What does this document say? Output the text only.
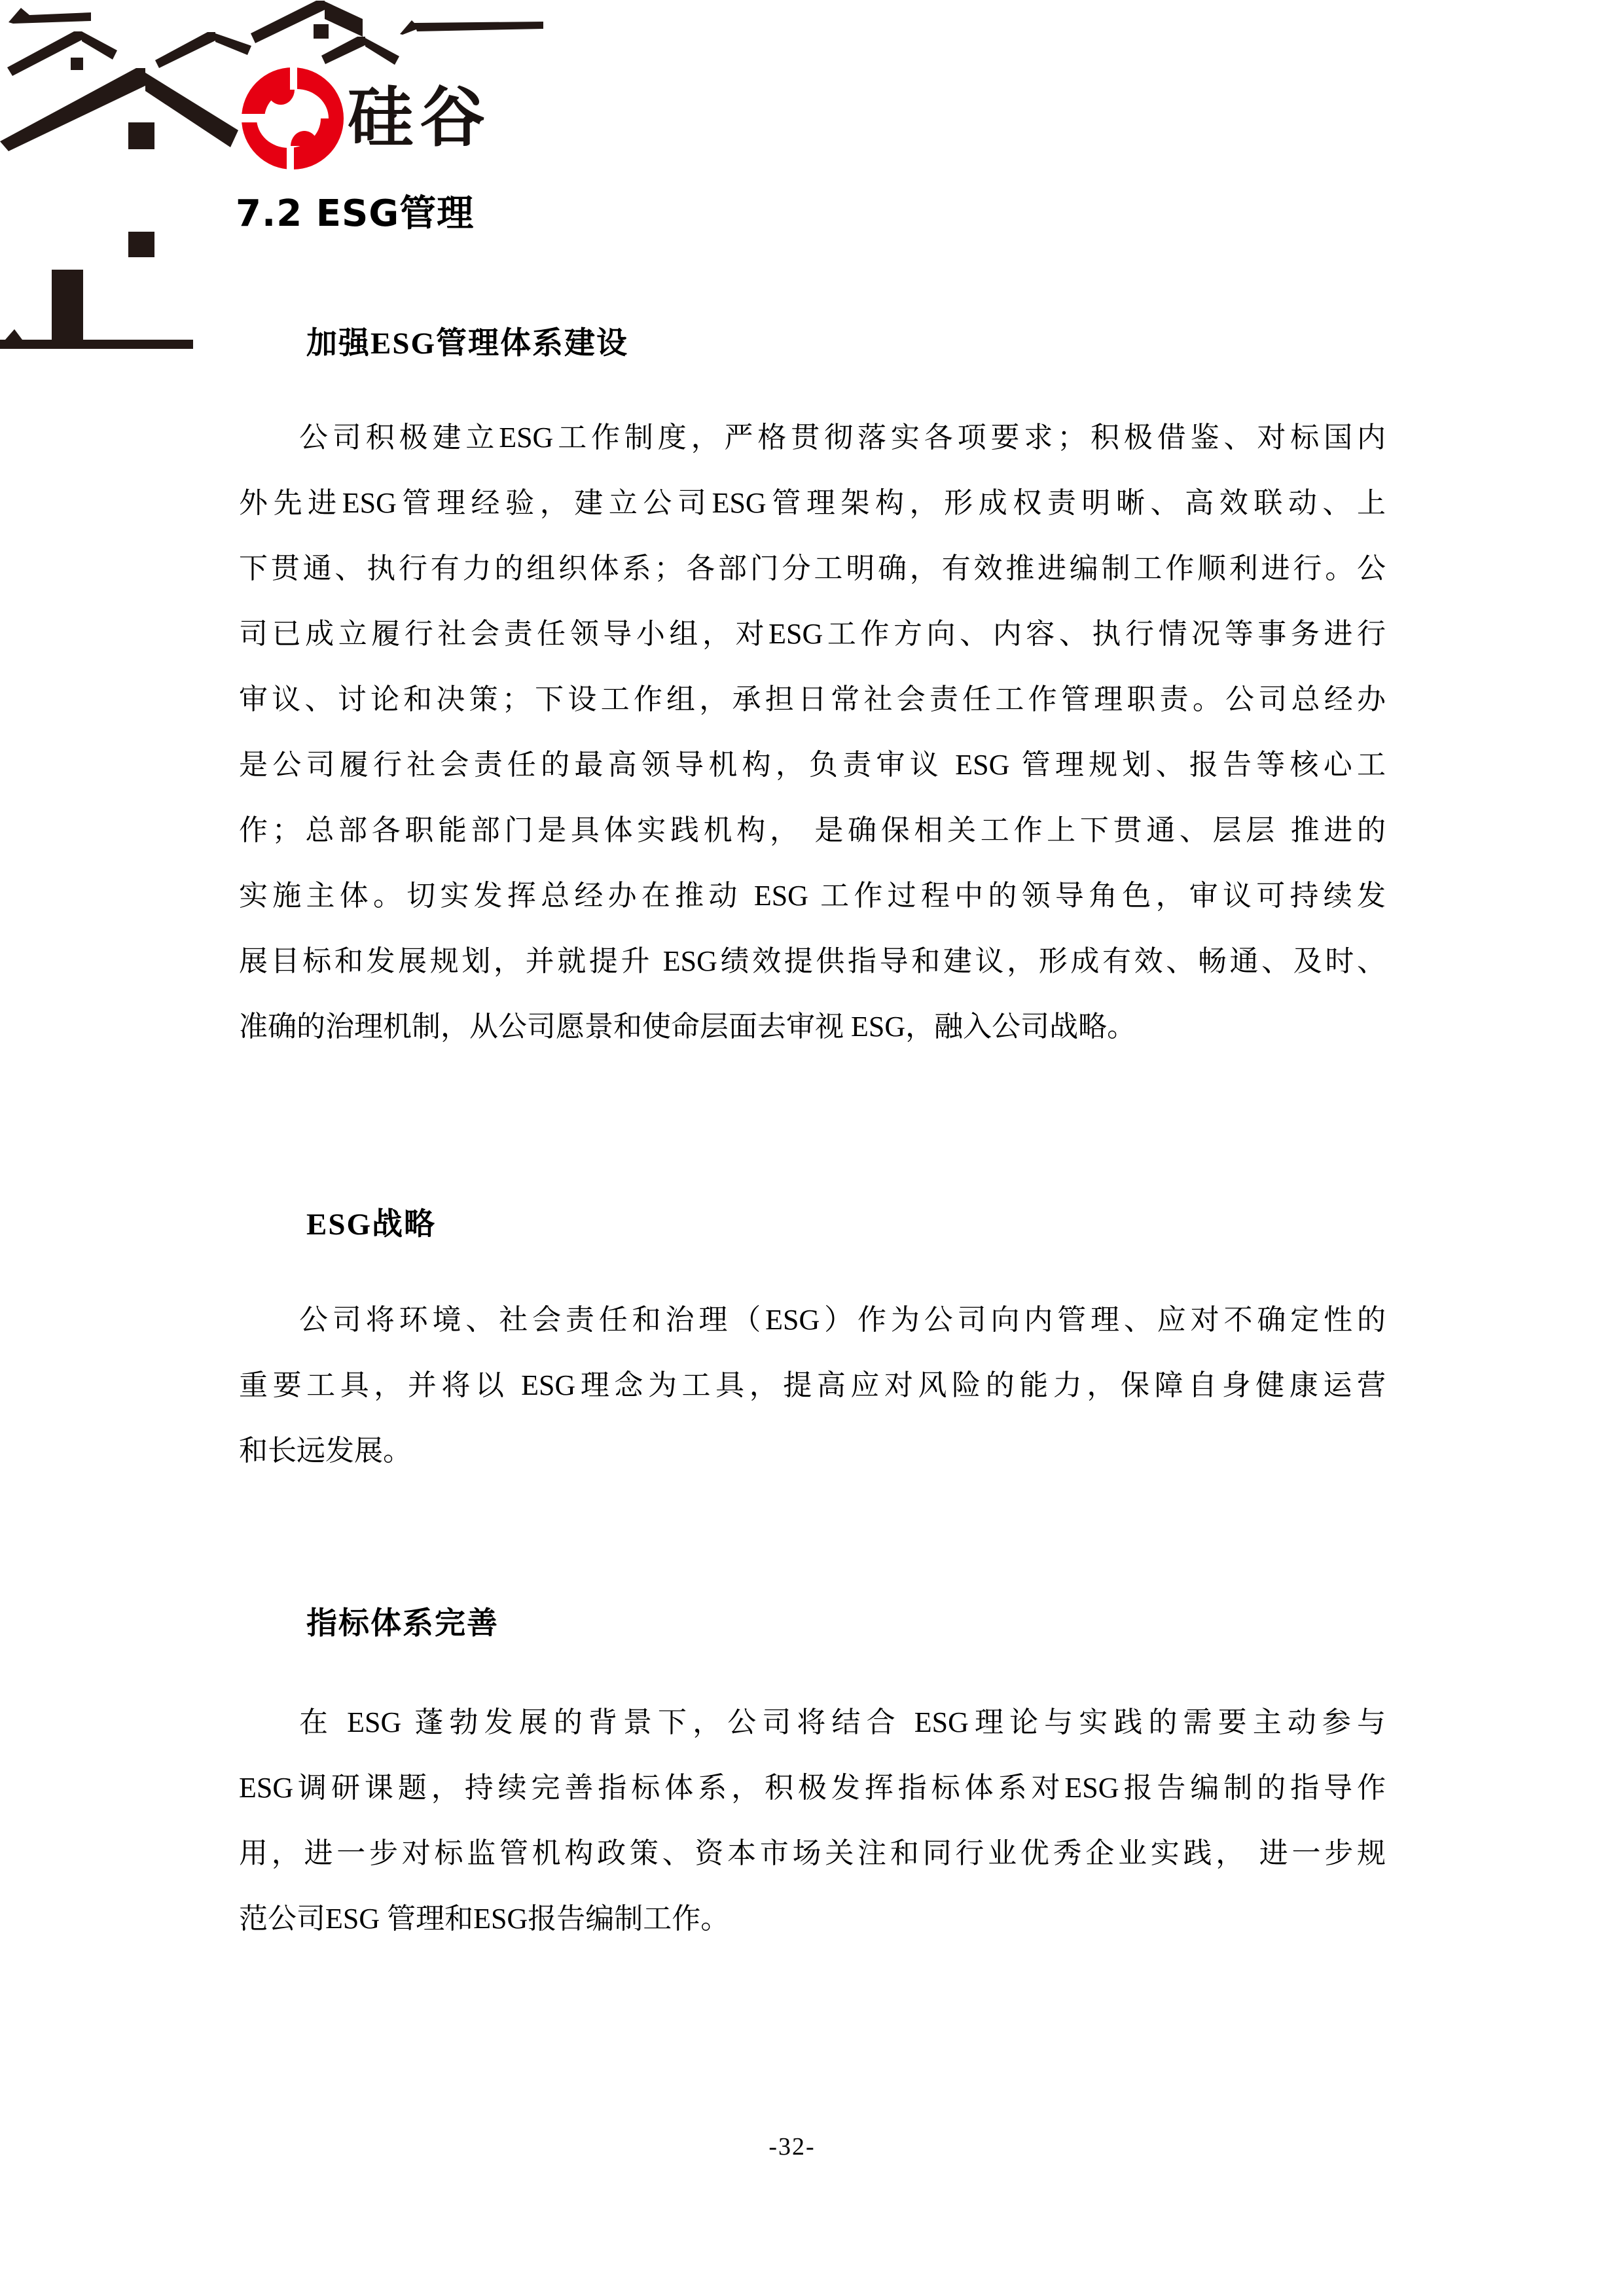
硅谷
7.2 ESG管理
加强ESG管理体系建设
公司积极建立ESG工作制度，严格贯彻落实各项要求；积极借鉴、对标国内
外先进ESG管理经验，建立公司ESG管理架构，形成权责明晰、高效联动、上
下贯通、执行有力的组织体系；各部门分工明确，有效推进编制工作顺利进行。公
司已成立履行社会责任领导小组，对ESG工作方向、内容、执行情况等事务进行
审议、讨论和决策；下设工作组，承担日常社会责任工作管理职责。公司总经办
是公司履行社会责任的最高领导机构，负责审议 ESG 管理规划、报告等核心工
作；总部各职能部门是具体实践机构， 是确保相关工作上下贯通、层层 推进的
实施主体。切实发挥总经办在推动 ESG 工作过程中的领导角色，审议可持续发
展目标和发展规划，并就提升 ESG绩效提供指导和建议，形成有效、畅通、及时、
准确的治理机制，从公司愿景和使命层面去审视 ESG，融入公司战略。
ESG战略
公司将环境、社会责任和治理（ESG）作为公司向内管理、应对不确定性的
重要工具，并将以 ESG理念为工具，提高应对风险的能力，保障自身健康运营
和长远发展。
指标体系完善
在 ESG 蓬勃发展的背景下，公司将结合 ESG理论与实践的需要主动参与
ESG调研课题，持续完善指标体系，积极发挥指标体系对ESG报告编制的指导作
用，进一步对标监管机构政策、资本市场关注和同行业优秀企业实践， 进一步规
范公司ESG 管理和ESG报告编制工作。
-32-
